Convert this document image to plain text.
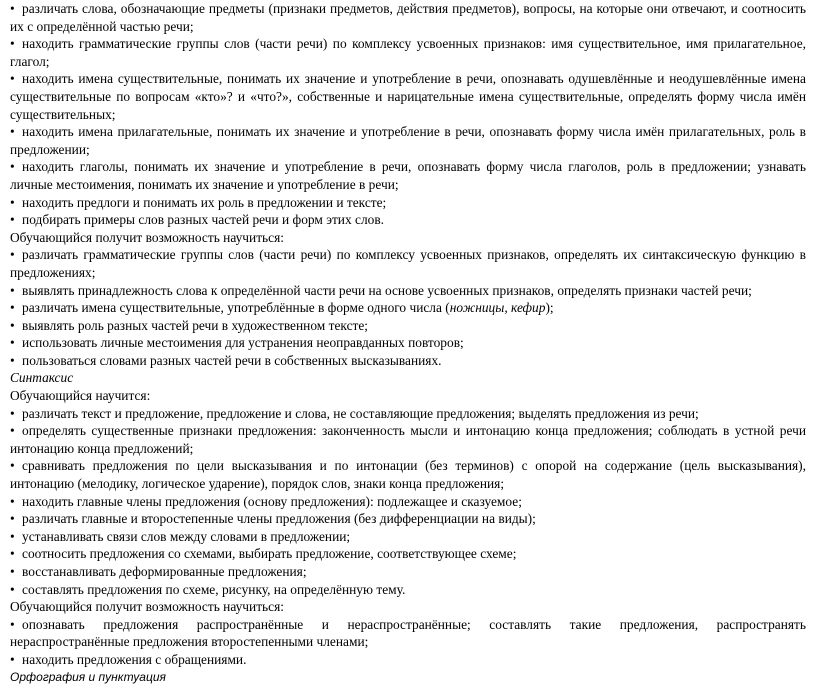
• различать слова, обозначающие предметы (признаки предметов, действия предметов), вопросы, на которые они отвечают, и соотносить их с определённой частью речи;

• находить грамматические группы слов (части речи) по комплексу усвоенных признаков: имя существительное, имя прилагательное, глагол;

• находить имена существительные, понимать их значение и употребление в речи, опознавать одушевлённые и неодушевлённые имена существительные по вопросам «кто»? и «что?», собственные и нарицательные имена существительные, определять форму числа имён существительных;

• находить имена прилагательные, понимать их значение и употребление в речи, опознавать форму числа имён прилагательных, роль в предложении;

• находить глаголы, понимать их значение и употребление в речи, опознавать форму числа глаголов, роль в предложении; узнавать личные местоимения, понимать их значение и употребление в речи;

• находить предлоги и понимать их роль в предложении и тексте;

• подбирать примеры слов разных частей речи и форм этих слов.

Обучающийся получит возможность научиться:

• различать грамматические группы слов (части речи) по комплексу усвоенных признаков, определять их синтаксическую функцию в предложениях;

• выявлять принадлежность слова к определённой части речи на основе усвоенных признаков, определять признаки частей речи;

• различать имена существительные, употреблённые в форме одного числа (ножницы, кефир);

• выявлять роль разных частей речи в художественном тексте;

• использовать личные местоимения для устранения неоправданных повторов;

• пользоваться словами разных частей речи в собственных высказываниях.

Синтаксис

Обучающийся научится:

• различать текст и предложение, предложение и слова, не составляющие предложения; выделять предложения из речи;

• определять существенные признаки предложения: законченность мысли и интонацию конца предложения; соблюдать в устной речи интонацию конца предложений;

• сравнивать предложения по цели высказывания и по интонации (без терминов) с опорой на содержание (цель высказывания), интонацию (мелодику, логическое ударение), порядок слов, знаки конца предложения;

• находить главные члены предложения (основу предложения): подлежащее и сказуемое;

• различать главные и второстепенные члены предложения (без дифференциации на виды);

• устанавливать связи слов между словами в предложении;

• соотносить предложения со схемами, выбирать предложение, соответствующее схеме;

• восстанавливать деформированные предложения;

• составлять предложения по схеме, рисунку, на определённую тему.

Обучающийся получит возможность научиться:

• опознавать предложения распространённые и нераспространённые; составлять такие предложения, распространять нераспространённые предложения второстепенными членами;

• находить предложения с обращениями.

Орфография и пунктуация
